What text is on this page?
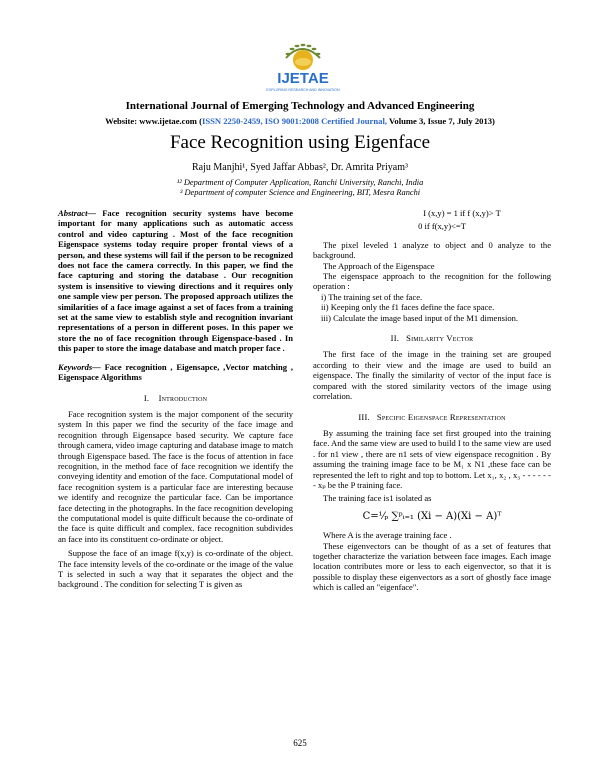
IJETAE
EXPLORING RESEARCH AND INNOVATION
International Journal of Emerging Technology and Advanced Engineering
Website: www.ijetae.com (ISSN 2250-2459, ISO 9001:2008 Certified Journal, Volume 3, Issue 7, July 2013)
Face Recognition using Eigenface
Raju Manjhi¹, Syed Jaffar Abbas², Dr. Amrita Priyam³
¹² Department of Computer Application, Ranchi University, Ranchi, India
³ Department of computer Science and Engineering, BIT, Mesra Ranchi

Abstract— Face recognition security systems have become important for many applications such as automatic access control and video capturing . Most of the face recognition Eigenspace systems today require proper frontal views of a person, and these systems will fail if the person to be recognized does not face the camera correctly. In this paper, we find the face capturing and storing the database . Our recognition system is insensitive to viewing directions and it requires only one sample view per person. The proposed approach utilizes the similarities of a face image against a set of faces from a training set at the same view to establish style and recognition invariant representations of a person in different poses. In this paper we store the no of face recognition through Eigenspace-based . In this paper to store the image database and match proper face .

Keywords— Face recognition , Eigensapce, ,Vector matching , Eigenspace Algorithms

I. Introduction

Face recognition system is the major component of the security system In this paper we find the security of the face image and recognition through Eigensapce based security. We capture face through camera, video image capturing and database image to match through Eigenspace based. The face is the focus of attention in face recognition, in the method face of face recognition we identify the conveying identity and emotion of the face. Computational model of face recognition system is a particular face are interesting because we identify and recognize the particular face. Can be importance face detecting in the photographs. In the face recognition developing the computational model is quite difficult because the co-ordinate of the face is quite difficult and complex. face recognition subdivides an face into its constituent co-ordinate or object.

Suppose the face of an image f(x,y) is co-ordinate of the object. The face intensity levels of the co-ordinate or the image of the value T is selected in such a way that it separates the object and the background . The condition for selecting T is given as

I (x,y) = 1 if f (x,y)> T

0 if f(x,y)<=T

The pixel leveled 1 analyze to object and 0 analyze to the background.

The Approach of the Eigenspace

The eigenspace approach to the recognition for the following operation :

i) The training set of the face.
ii) Keeping only the f1 faces define the face space.
iii) Calculate the image based input of the M1 dimension.
II. Similarity Vector

The first face of the image in the training set are grouped according to their view and the image are used to build an eigenspace. The finally the similarity of vector of the input face is compared with the stored similarity vectors of the image using correlation.

III. Specific Eigenspace Representation

By assuming the training face set first grouped into the training face. And the same view are used to build I to the same view are used . for n1 view , there are n1 sets of view eigenspace recognition . By assuming the training image face to be M₁ x N1 ,these face can be represented the left to right and top to bottom. Let x₁, x₂ , x₃ - - - - - - - xₚ be the P training face.

The training face is1 isolated as

C=¹⁄ₚ ∑ᵖᵢ₌₁ (Xi − A)(Xi − A)ᵀ

Where A is the average training face .

These eigenvectors can be thought of as a set of features that together characterize the variation between face images. Each image location contributes more or less to each eigenvector, so that it is possible to display these eigenvectors as a sort of ghostly face image which is called an "eigenface".

625
